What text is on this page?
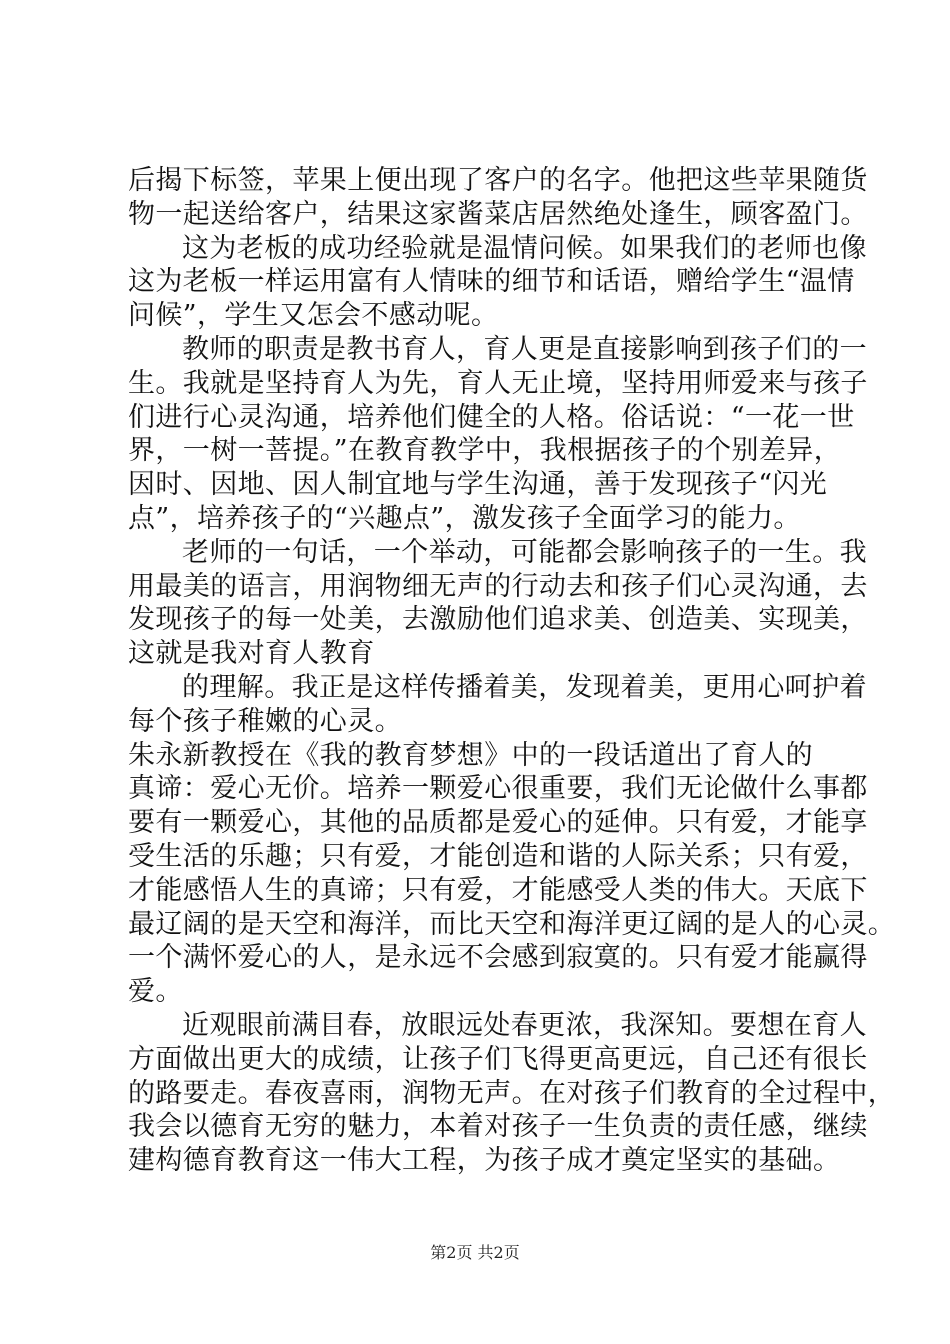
后揭下标签，苹果上便出现了客户的名字。他把这些苹果随货
物一起送给客户，结果这家酱菜店居然绝处逢生，顾客盈门。
这为老板的成功经验就是温情问候。如果我们的老师也像
这为老板一样运用富有人情味的细节和话语，赠给学生“温情
问候”，学生又怎会不感动呢。
教师的职责是教书育人，育人更是直接影响到孩子们的一
生。我就是坚持育人为先，育人无止境，坚持用师爱来与孩子
们进行心灵沟通，培养他们健全的人格。俗话说：“一花一世
界，一树一菩提。”在教育教学中，我根据孩子的个别差异，
因时、因地、因人制宜地与学生沟通，善于发现孩子“闪光
点”，培养孩子的“兴趣点”，激发孩子全面学习的能力。
老师的一句话，一个举动，可能都会影响孩子的一生。我
用最美的语言，用润物细无声的行动去和孩子们心灵沟通，去
发现孩子的每一处美，去激励他们追求美、创造美、实现美，
这就是我对育人教育
的理解。我正是这样传播着美，发现着美，更用心呵护着
每个孩子稚嫩的心灵。
朱永新教授在《我的教育梦想》中的一段话道出了育人的
真谛：爱心无价。培养一颗爱心很重要，我们无论做什么事都
要有一颗爱心，其他的品质都是爱心的延伸。只有爱，才能享
受生活的乐趣；只有爱，才能创造和谐的人际关系；只有爱，
才能感悟人生的真谛；只有爱，才能感受人类的伟大。天底下
最辽阔的是天空和海洋，而比天空和海洋更辽阔的是人的心灵。
一个满怀爱心的人，是永远不会感到寂寞的。只有爱才能赢得
爱。
近观眼前满目春，放眼远处春更浓，我深知。要想在育人
方面做出更大的成绩，让孩子们飞得更高更远，自己还有很长
的路要走。春夜喜雨，润物无声。在对孩子们教育的全过程中，
我会以德育无穷的魅力，本着对孩子一生负责的责任感，继续
建构德育教育这一伟大工程，为孩子成才奠定坚实的基础。
第2页 共2页
